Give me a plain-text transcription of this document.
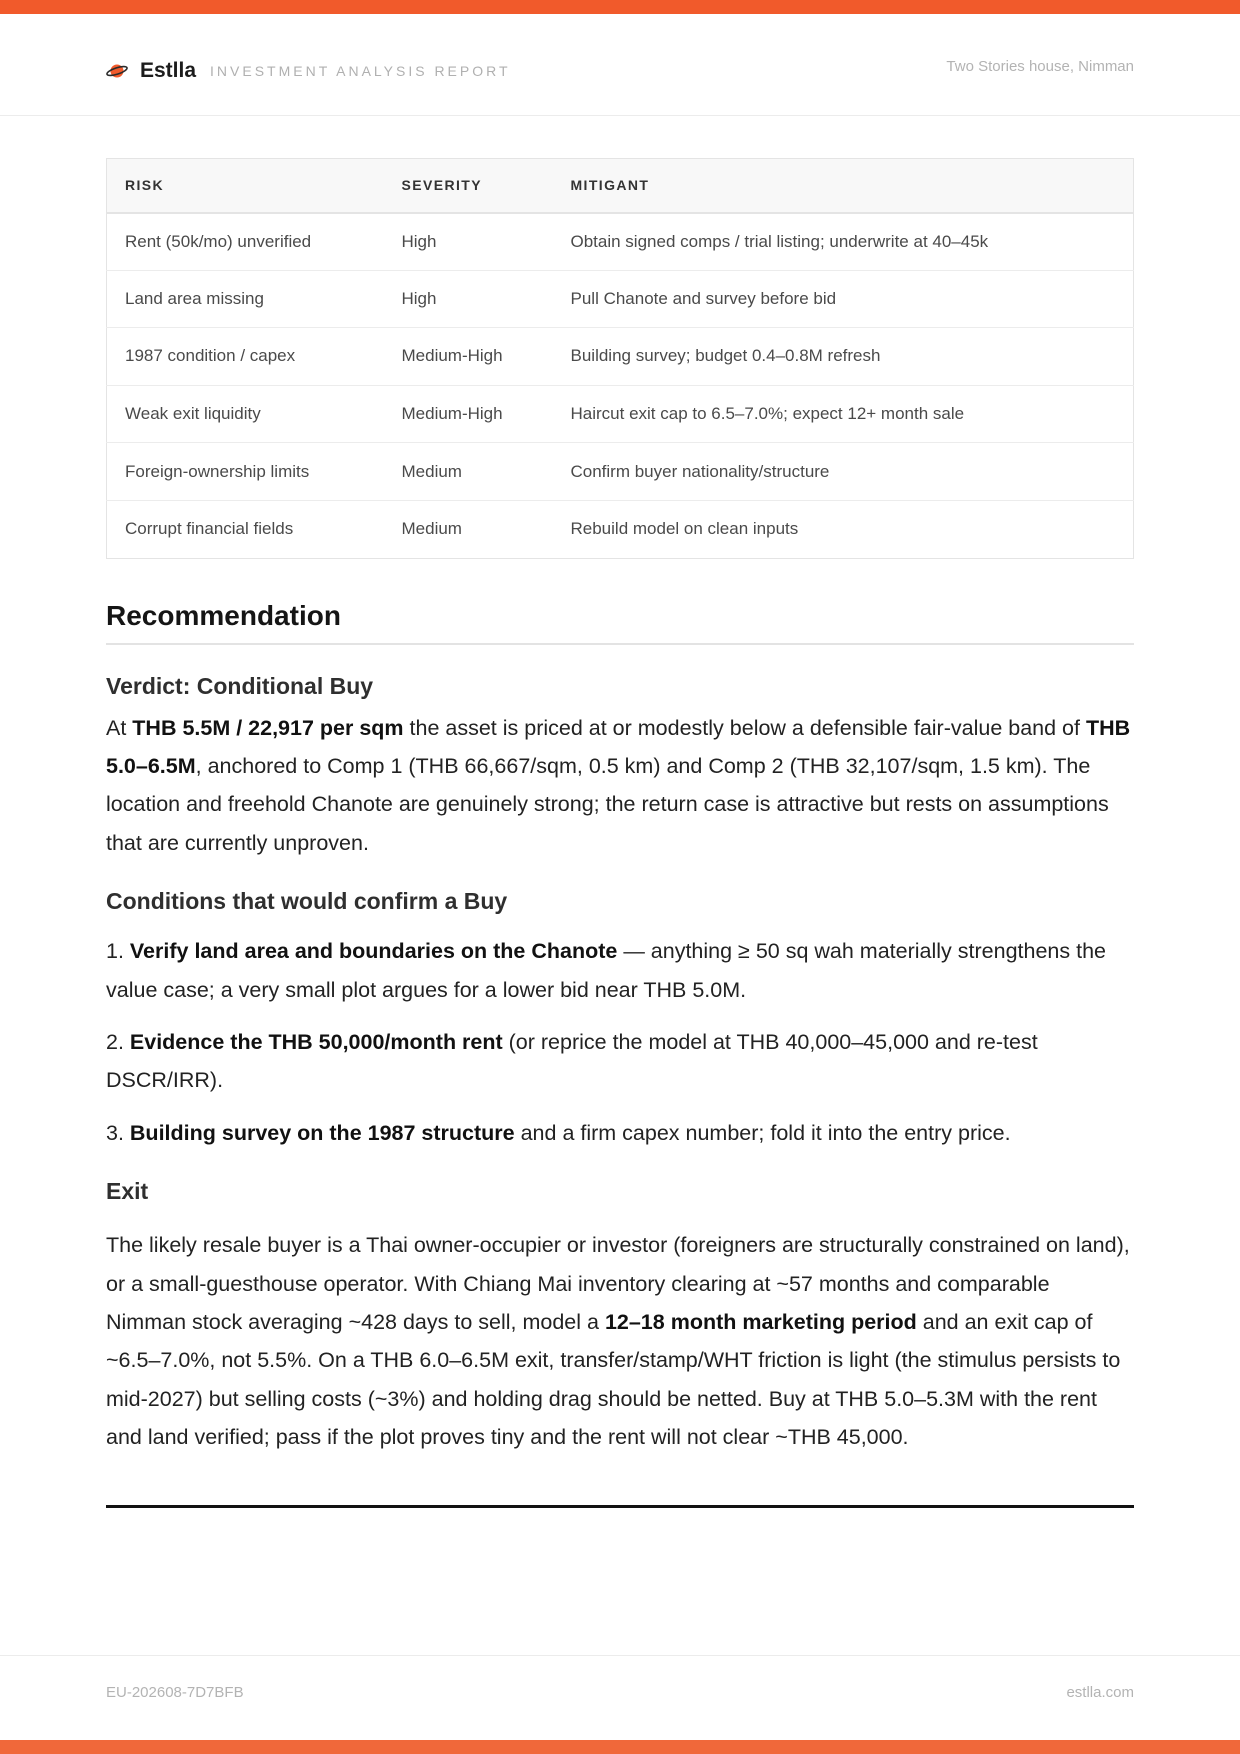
Estlla INVESTMENT ANALYSIS REPORT	Two Stories house, Nimman
RISK	SEVERITY	MITIGANT
Rent (50k/mo) unverified	High	Obtain signed comps / trial listing; underwrite at 40–45k
Land area missing	High	Pull Chanote and survey before bid
1987 condition / capex	Medium-High	Building survey; budget 0.4–0.8M refresh
Weak exit liquidity	Medium-High	Haircut exit cap to 6.5–7.0%; expect 12+ month sale
Foreign-ownership limits	Medium	Confirm buyer nationality/structure
Corrupt financial fields	Medium	Rebuild model on clean inputs
Recommendation
Verdict: Conditional Buy

At THB 5.5M / 22,917 per sqm the asset is priced at or modestly below a defensible fair-value band of THB 5.0–6.5M, anchored to Comp 1 (THB 66,667/sqm, 0.5 km) and Comp 2 (THB 32,107/sqm, 1.5 km). The location and freehold Chanote are genuinely strong; the return case is attractive but rests on assumptions that are currently unproven.

Conditions that would confirm a Buy

1. Verify land area and boundaries on the Chanote — anything ≥ 50 sq wah materially strengthens the value case; a very small plot argues for a lower bid near THB 5.0M.

2. Evidence the THB 50,000/month rent (or reprice the model at THB 40,000–45,000 and re-test DSCR/IRR).

3. Building survey on the 1987 structure and a firm capex number; fold it into the entry price.

Exit

The likely resale buyer is a Thai owner-occupier or investor (foreigners are structurally constrained on land), or a small-guesthouse operator. With Chiang Mai inventory clearing at ~57 months and comparable Nimman stock averaging ~428 days to sell, model a 12–18 month marketing period and an exit cap of ~6.5–7.0%, not 5.5%. On a THB 6.0–6.5M exit, transfer/stamp/WHT friction is light (the stimulus persists to mid-2027) but selling costs (~3%) and holding drag should be netted. Buy at THB 5.0–5.3M with the rent and land verified; pass if the plot proves tiny and the rent will not clear ~THB 45,000.

EU-202608-7D7BFB	estlla.com
